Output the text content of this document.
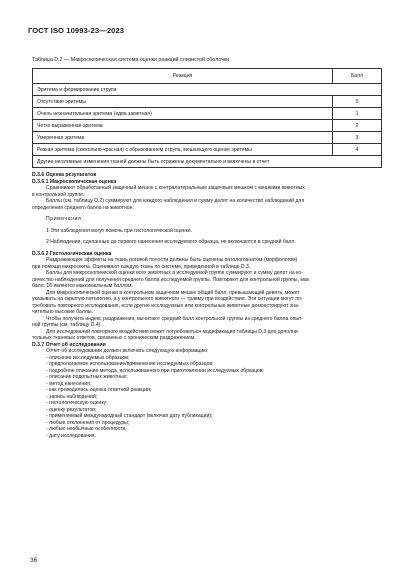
ГОСТ ISO 10993-23—2023
Таблица D.2 — Макроскопическая система оценки реакций слизистой оболочки
Реакция	Балл
Эритема и формирование струпа	
Отсутствие эритемы	0
Очень незначительная эритема (едва заметная)	1
Четко выраженная эритема	2
Умеренная эритема	3
Резкая эритема (свекольно-красная) с образованием струпа, мешающего оценке эритемы	4
Другие негативные изменения тканей должны быть отражены документально и включены в отчет	

D.3.6 Оценка результатов

D.3.6.1 Макроскопическая оценка

Сравнивают обработанный защечный мешок с контралатеральным защечным мешком с мешками животных

в контрольной группе.

Баллы (см. таблицу D.2) суммируют для каждого наблюдения и сумму делят на количество наблюдений для

определения среднего балла на животное.

Примечания:

1 Эти наблюдения могут помочь при гистологической оценке.

2 Наблюдения, сделанные до первого нанесения исследуемого образца, не включаются в средний балл.

D.3.6.2 Гистологическая оценка

Раздражающие эффекты на ткань роговой полости должны быть оценены патологоанатом (морфологом)

при помощи микроскопа. Оценивают каждую ткань по системе, приведенной в таблице D.3.

Баллы для микроскопической оценки всех животных в исследуемой группе суммируют и сумму делят на ко-

личество наблюдений для получения среднего балла исследуемой группы. Повторяют для контрольной группы, мах

балл: 16 является максимальным баллом.

Для микроскопической оценки в контрольном защечном мешке общий балл, превышающий девять, может

указывать на скрытую патологию, а у контрольного животного — травму при воздействии. Эти ситуации могут по-

требовать повторного исследования, если другие исследуемые или контрольные животные демонстрируют зна-

чительно высокие баллы.

Чтобы получить индекс раздражения, вычитают средний балл контрольной группы из среднего балла опыт-

ной группы (см. таблицу D.4).

Для исследований повторного воздействия может потребоваться модификация таблицы D.3 для дополни-

тельных тканевых ответов, связанных с хроническим раздражением.

D.3.7 Отчет об исследовании

Отчет об исследовании должен включать следующую информацию:

- описание исследуемых образцов;

- предполагаемое использование/применение исследуемых образцов;

- подробное описание метода, использованного при приготовлении исследуемых образцов;

- описание подопытных животных;

- метод нанесения;

- как проводилась оценка ответной реакции;

- запись наблюдений;

- гистологическую оценку;

- оценку результатов;

- применяемый международный стандарт (включая дату публикации);

- любые отклонения от процедуры;

- любые необычные особенности;

- дату исследования.

36
